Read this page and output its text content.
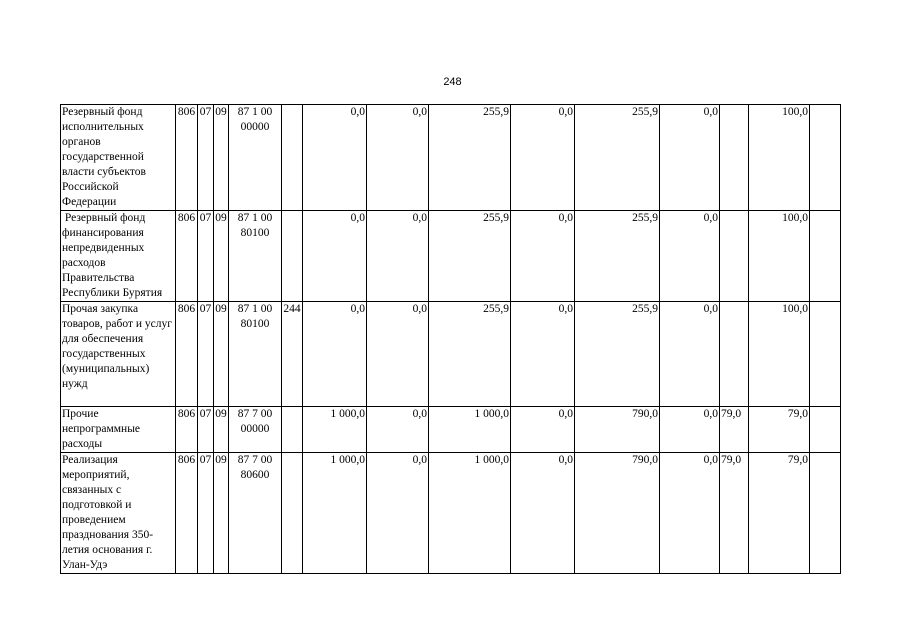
248
Резервный фонд исполнительных органов государственной власти субъектов Российской Федерации	806	07	09	87 1 00 00000		0,0	0,0	255,9	0,0	255,9	0,0		100,0	
Резервный фонд финансирования непредвиденных расходов Правительства Республики Бурятия	806	07	09	87 1 00 80100		0,0	0,0	255,9	0,0	255,9	0,0		100,0	
Прочая закупка товаров, работ и услуг для обеспечения государственных (муниципальных) нужд	806	07	09	87 1 00 80100	244	0,0	0,0	255,9	0,0	255,9	0,0		100,0	
Прочие непрограммные расходы	806	07	09	87 7 00 00000		1 000,0	0,0	1 000,0	0,0	790,0	0,0	79,0	79,0	
Реализация мероприятий, связанных с подготовкой и проведением празднования 350-летия основания г. Улан-Удэ	806	07	09	87 7 00 80600		1 000,0	0,0	1 000,0	0,0	790,0	0,0	79,0	79,0	
